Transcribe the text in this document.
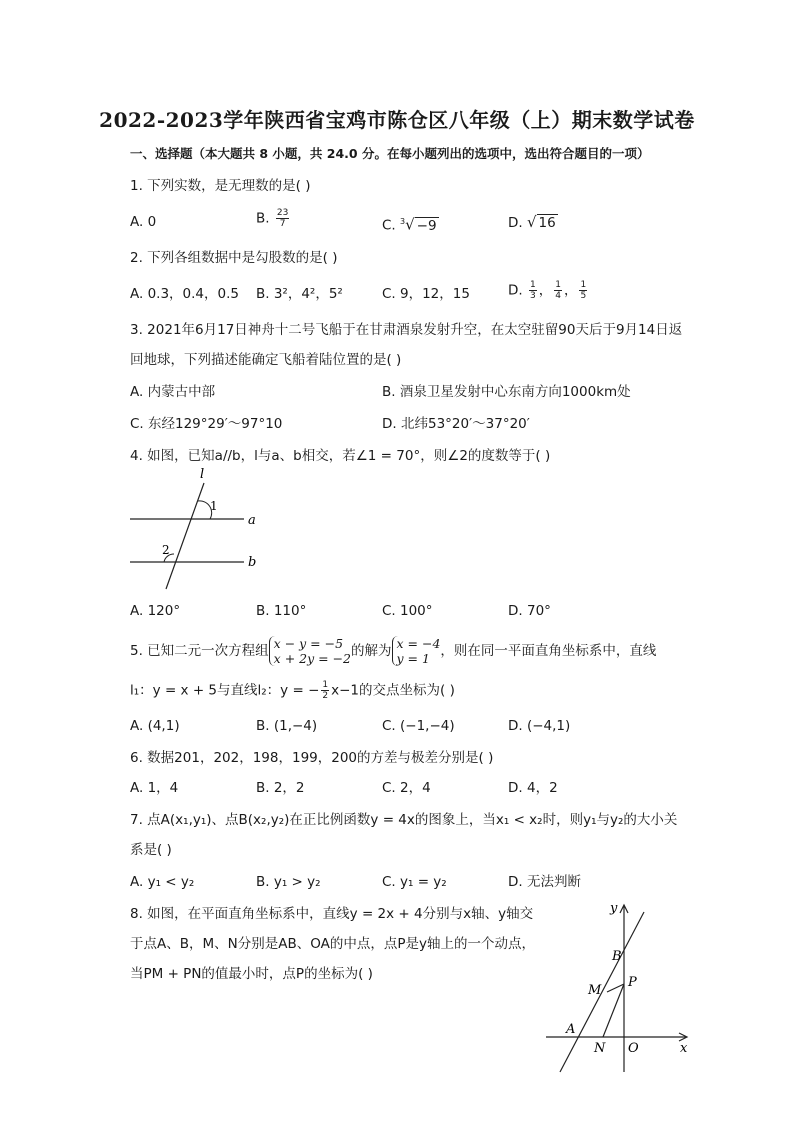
2022-2023学年陕西省宝鸡市陈仓区八年级（上）期末数学试卷
一、选择题（本大题共 8 小题，共 24.0 分。在每小题列出的选项中，选出符合题目的一项）
1. 下列实数，是无理数的是( )
A. 0	B. $\frac{23}{7}$	C. $^3$√ −9	D. √ 16
2. 下列各组数据中是勾股数的是( )
A. 0.3，0.4，0.5 B. 3²，4²，5²	C. 9，12，15	D. $\frac{1}{3}$ ， $\frac{1}{4}$ ， $\frac{1}{5}$
3. 2021年6月17日神舟十二号飞船于在甘肃酒泉发射升空，在太空驻留90天后于9月14日返
回地球，下列描述能确定飞船着陆位置的是( )
A. 内蒙古中部	B. 酒泉卫星发射中心东南方向1000km处
C. 东经129°29′～97°10	D. 北纬53°20′～37°20′
4. 如图，已知a//b，l与a、b相交，若∠1 = 70°，则∠2的度数等于( )
l
1
a
2
b
A. 120°	B. 110°	C. 100°	D. 70°
5. 已知二元一次方程组 x − y = −5
x + 2y = −2 的解为 x = −4
y = 1 ，则在同一平面直角坐标系中，直线
l₁：y = x + 5与直线l₂：y = − $\frac{1}{2} x-1$的交点坐标为( )
A. (4,1)	B. (1,−4)	C. (−1,−4)	D. (−4,1)
6. 数据201，202，198，199，200的方差与极差分别是( )
A. 1，4	B. 2，2	C. 2，4	D. 4，2
7. 点A(x₁,y₁)、点B(x₂,y₂)在正比例函数y = 4x的图象上，当x₁ < x₂时，则y₁与y₂的大小关
系是( )
A. y₁ < y₂	B. y₁ > y₂	C. y₁ = y₂	D. 无法判断
8. 如图，在平面直角坐标系中，直线y = 2x + 4分别与x轴、y轴交
于点A、B，M、N分别是AB、OA的中点，点P是y轴上的一个动点，
当PM + PN的值最小时，点P的坐标为( )
y
x
B
M
P
A
N O
